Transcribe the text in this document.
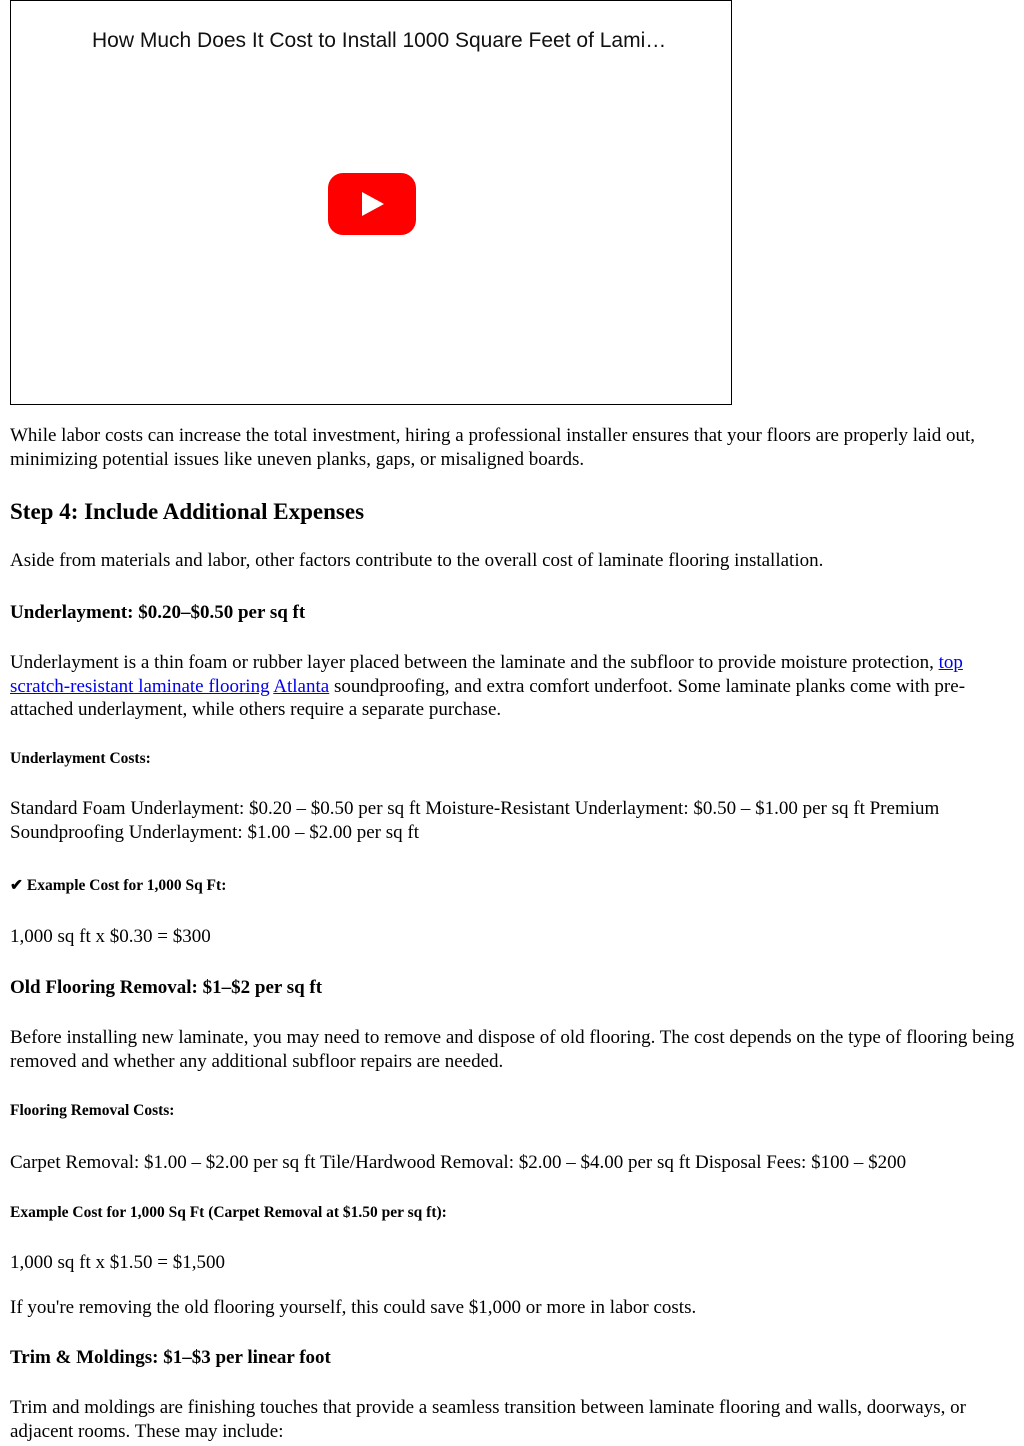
How Much Does It Cost to Install 1000 Square Feet of Lami…

While labor costs can increase the total investment, hiring a professional installer ensures that your floors are properly laid out, minimizing potential issues like uneven planks, gaps, or misaligned boards.

Step 4: Include Additional Expenses

Aside from materials and labor, other factors contribute to the overall cost of laminate flooring installation.

Underlayment: $0.20–$0.50 per sq ft

Underlayment is a thin foam or rubber layer placed between the laminate and the subfloor to provide moisture protection, top scratch-resistant laminate flooring Atlanta soundproofing, and extra comfort underfoot. Some laminate planks come with pre-attached underlayment, while others require a separate purchase.

Underlayment Costs:

Standard Foam Underlayment: $0.20 – $0.50 per sq ft Moisture-Resistant Underlayment: $0.50 – $1.00 per sq ft Premium Soundproofing Underlayment: $1.00 – $2.00 per sq ft

✔ Example Cost for 1,000 Sq Ft:

1,000 sq ft x $0.30 = $300

Old Flooring Removal: $1–$2 per sq ft

Before installing new laminate, you may need to remove and dispose of old flooring. The cost depends on the type of flooring being removed and whether any additional subfloor repairs are needed.

Flooring Removal Costs:

Carpet Removal: $1.00 – $2.00 per sq ft Tile/Hardwood Removal: $2.00 – $4.00 per sq ft Disposal Fees: $100 – $200

Example Cost for 1,000 Sq Ft (Carpet Removal at $1.50 per sq ft):

1,000 sq ft x $1.50 = $1,500

If you're removing the old flooring yourself, this could save $1,000 or more in labor costs.

Trim & Moldings: $1–$3 per linear foot

Trim and moldings are finishing touches that provide a seamless transition between laminate flooring and walls, doorways, or adjacent rooms. These may include:
